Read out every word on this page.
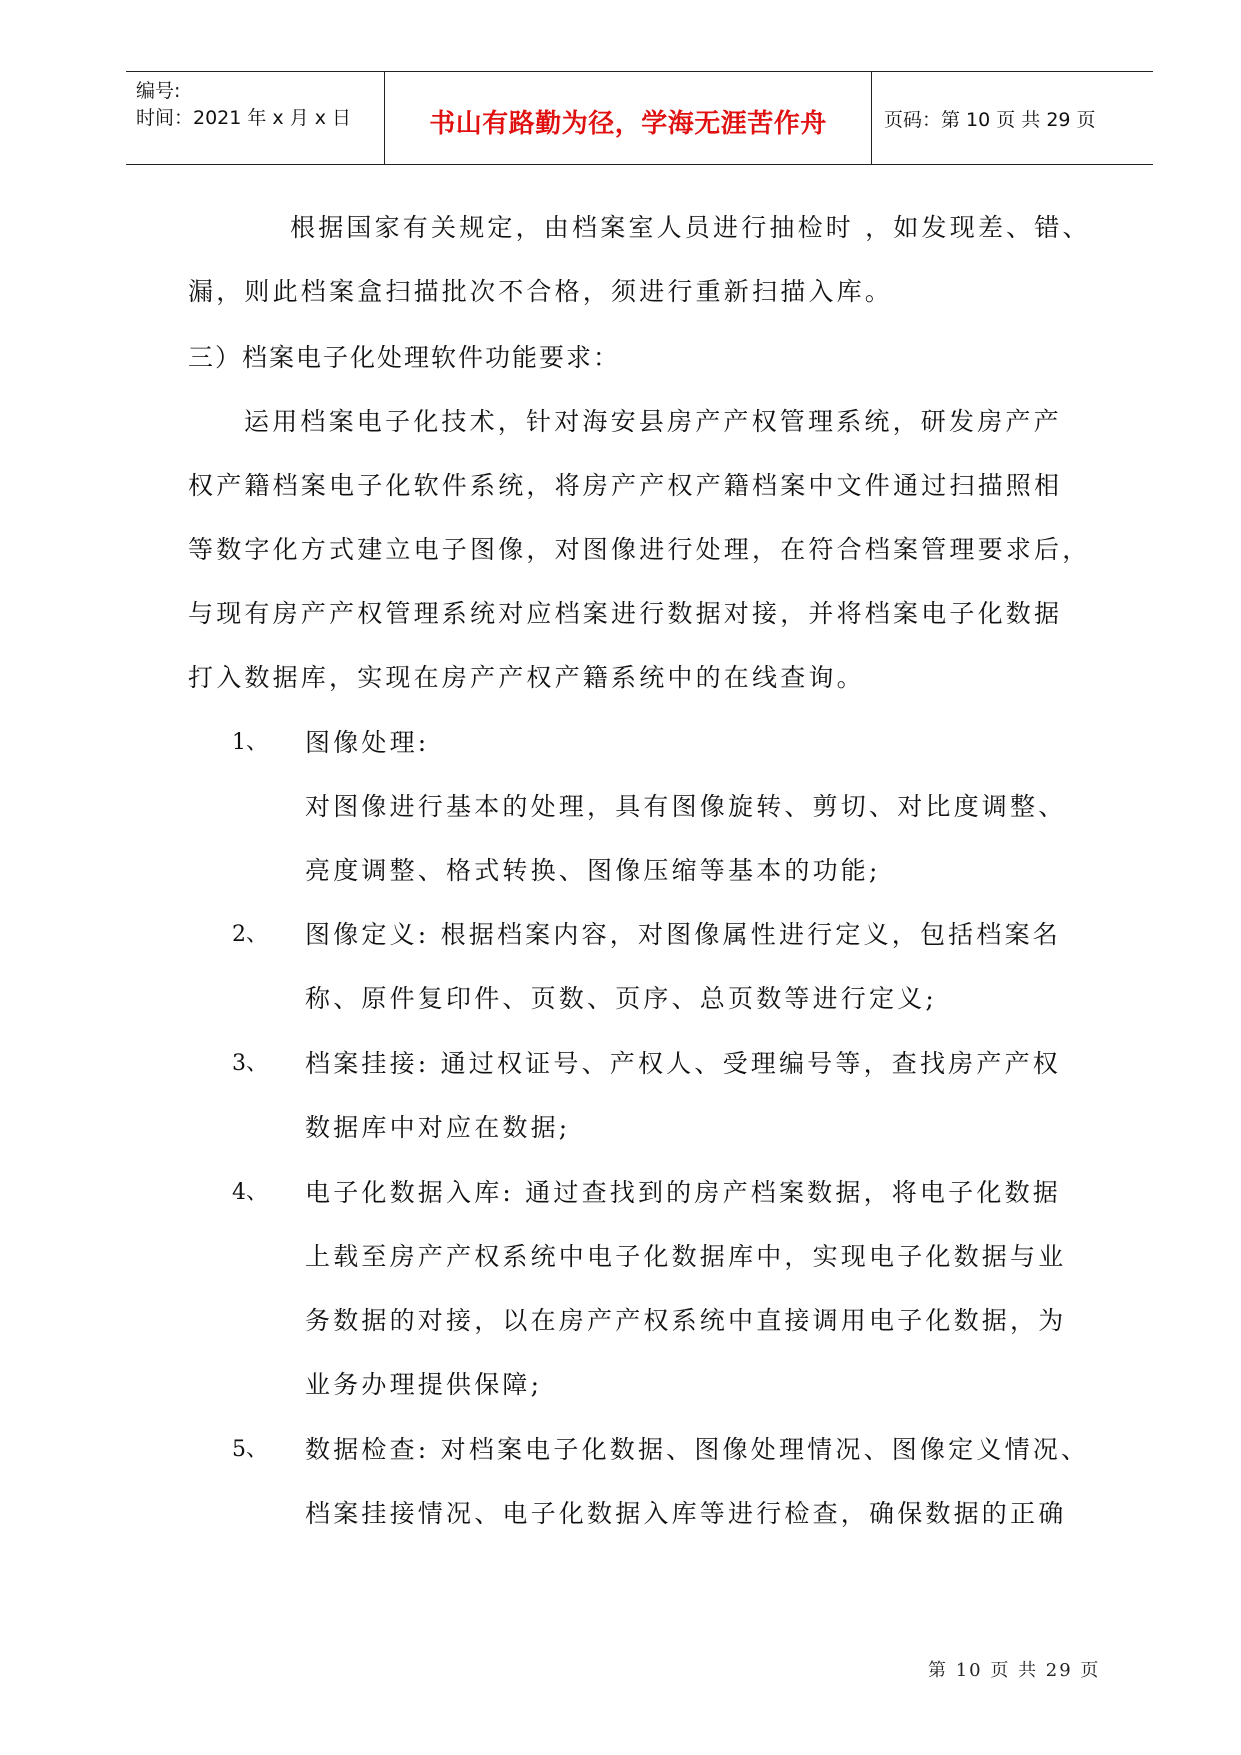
编号:
时间：2021 年 x 月 x 日	书山有路勤为径，学海无涯苦作舟	页码：第 10 页 共 29 页
根据国家有关规定，由档案室人员进行抽检时 ，如发现差、错、
漏，则此档案盒扫描批次不合格，须进行重新扫描入库。
三）档案电子化处理软件功能要求：
运用档案电子化技术，针对海安县房产产权管理系统，研发房产产
权产籍档案电子化软件系统，将房产产权产籍档案中文件通过扫描照相
等数字化方式建立电子图像，对图像进行处理，在符合档案管理要求后，
与现有房产产权管理系统对应档案进行数据对接，并将档案电子化数据
打入数据库，实现在房产产权产籍系统中的在线查询。
1、 图像处理:
对图像进行基本的处理，具有图像旋转、剪切、对比度调整、
亮度调整、格式转换、图像压缩等基本的功能;
2、 图像定义: 根据档案内容，对图像属性进行定义，包括档案名
称、原件复印件、页数、页序、总页数等进行定义;
3、 档案挂接: 通过权证号、产权人、受理编号等，查找房产产权
数据库中对应在数据;
4、 电子化数据入库: 通过查找到的房产档案数据，将电子化数据
上载至房产产权系统中电子化数据库中，实现电子化数据与业
务数据的对接，以在房产产权系统中直接调用电子化数据，为
业务办理提供保障;
5、 数据检查: 对档案电子化数据、图像处理情况、图像定义情况、
档案挂接情况、电子化数据入库等进行检查，确保数据的正确
第 10 页 共 29 页
